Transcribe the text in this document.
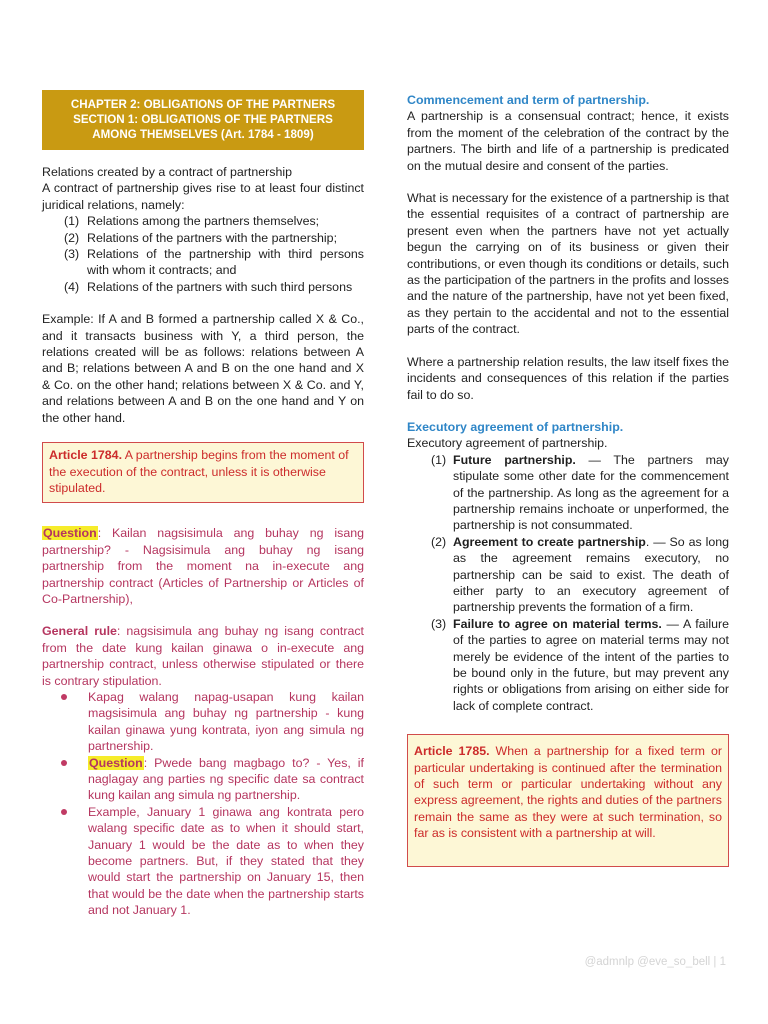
CHAPTER 2: OBLIGATIONS OF THE PARTNERS
SECTION 1: OBLIGATIONS OF THE PARTNERS
AMONG THEMSELVES (Art. 1784 - 1809)

Relations created by a contract of partnership

A contract of partnership gives rise to at least four distinct juridical relations, namely:

(1) Relations among the partners themselves;
(2) Relations of the partners with the partnership;
(3) Relations of the partnership with third persons with whom it contracts; and
(4) Relations of the partners with such third persons

Example: If A and B formed a partnership called X & Co., and it transacts business with Y, a third person, the relations created will be as follows: relations between A and B; relations between A and B on the one hand and X & Co. on the other hand; relations between X & Co. and Y, and relations between A and B on the one hand and Y on the other hand.

Article 1784. A partnership begins from the moment of the execution of the contract, unless it is otherwise stipulated.

Question: Kailan nagsisimula ang buhay ng isang partnership? - Nagsisimula ang buhay ng isang partnership from the moment na in-execute ang partnership contract (Articles of Partnership or Articles of Co-Partnership),

General rule: nagsisimula ang buhay ng isang contract from the date kung kailan ginawa o in-execute ang partnership contract, unless otherwise stipulated or there is contrary stipulation.

Kapag walang napag-usapan kung kailan magsisimula ang buhay ng partnership - kung kailan ginawa yung kontrata, iyon ang simula ng partnership.
Question: Pwede bang magbago to? - Yes, if naglagay ang parties ng specific date sa contract kung kailan ang simula ng partnership.
Example, January 1 ginawa ang kontrata pero walang specific date as to when it should start, January 1 would be the date as to when they become partners. But, if they stated that they would start the partnership on January 15, then that would be the date when the partnership starts and not January 1.
Commencement and term of partnership.

A partnership is a consensual contract; hence, it exists from the moment of the celebration of the contract by the partners. The birth and life of a partnership is predicated on the mutual desire and consent of the parties.

What is necessary for the existence of a partnership is that the essential requisites of a contract of partnership are present even when the partners have not yet actually begun the carrying on of its business or given their contributions, or even though its conditions or details, such as the participation of the partners in the profits and losses and the nature of the partnership, have not yet been fixed, as they pertain to the accidental and not to the essential parts of the contract.

Where a partnership relation results, the law itself fixes the incidents and consequences of this relation if the parties fail to do so.

Executory agreement of partnership.

Executory agreement of partnership.

(1) Future partnership. — The partners may stipulate some other date for the commencement of the partnership. As long as the agreement for a partnership remains inchoate or unperformed, the partnership is not consummated.
(2) Agreement to create partnership. — So as long as the agreement remains executory, no partnership can be said to exist. The death of either party to an executory agreement of partnership prevents the formation of a firm.
(3) Failure to agree on material terms. — A failure of the parties to agree on material terms may not merely be evidence of the intent of the parties to be bound only in the future, but may prevent any rights or obligations from arising on either side for lack of complete contract.
Article 1785. When a partnership for a fixed term or particular undertaking is continued after the termination of such term or particular undertaking without any express agreement, the rights and duties of the partners remain the same as they were at such termination, so far as is consistent with a partnership at will.
@admnlp @eve_so_bell | 1
